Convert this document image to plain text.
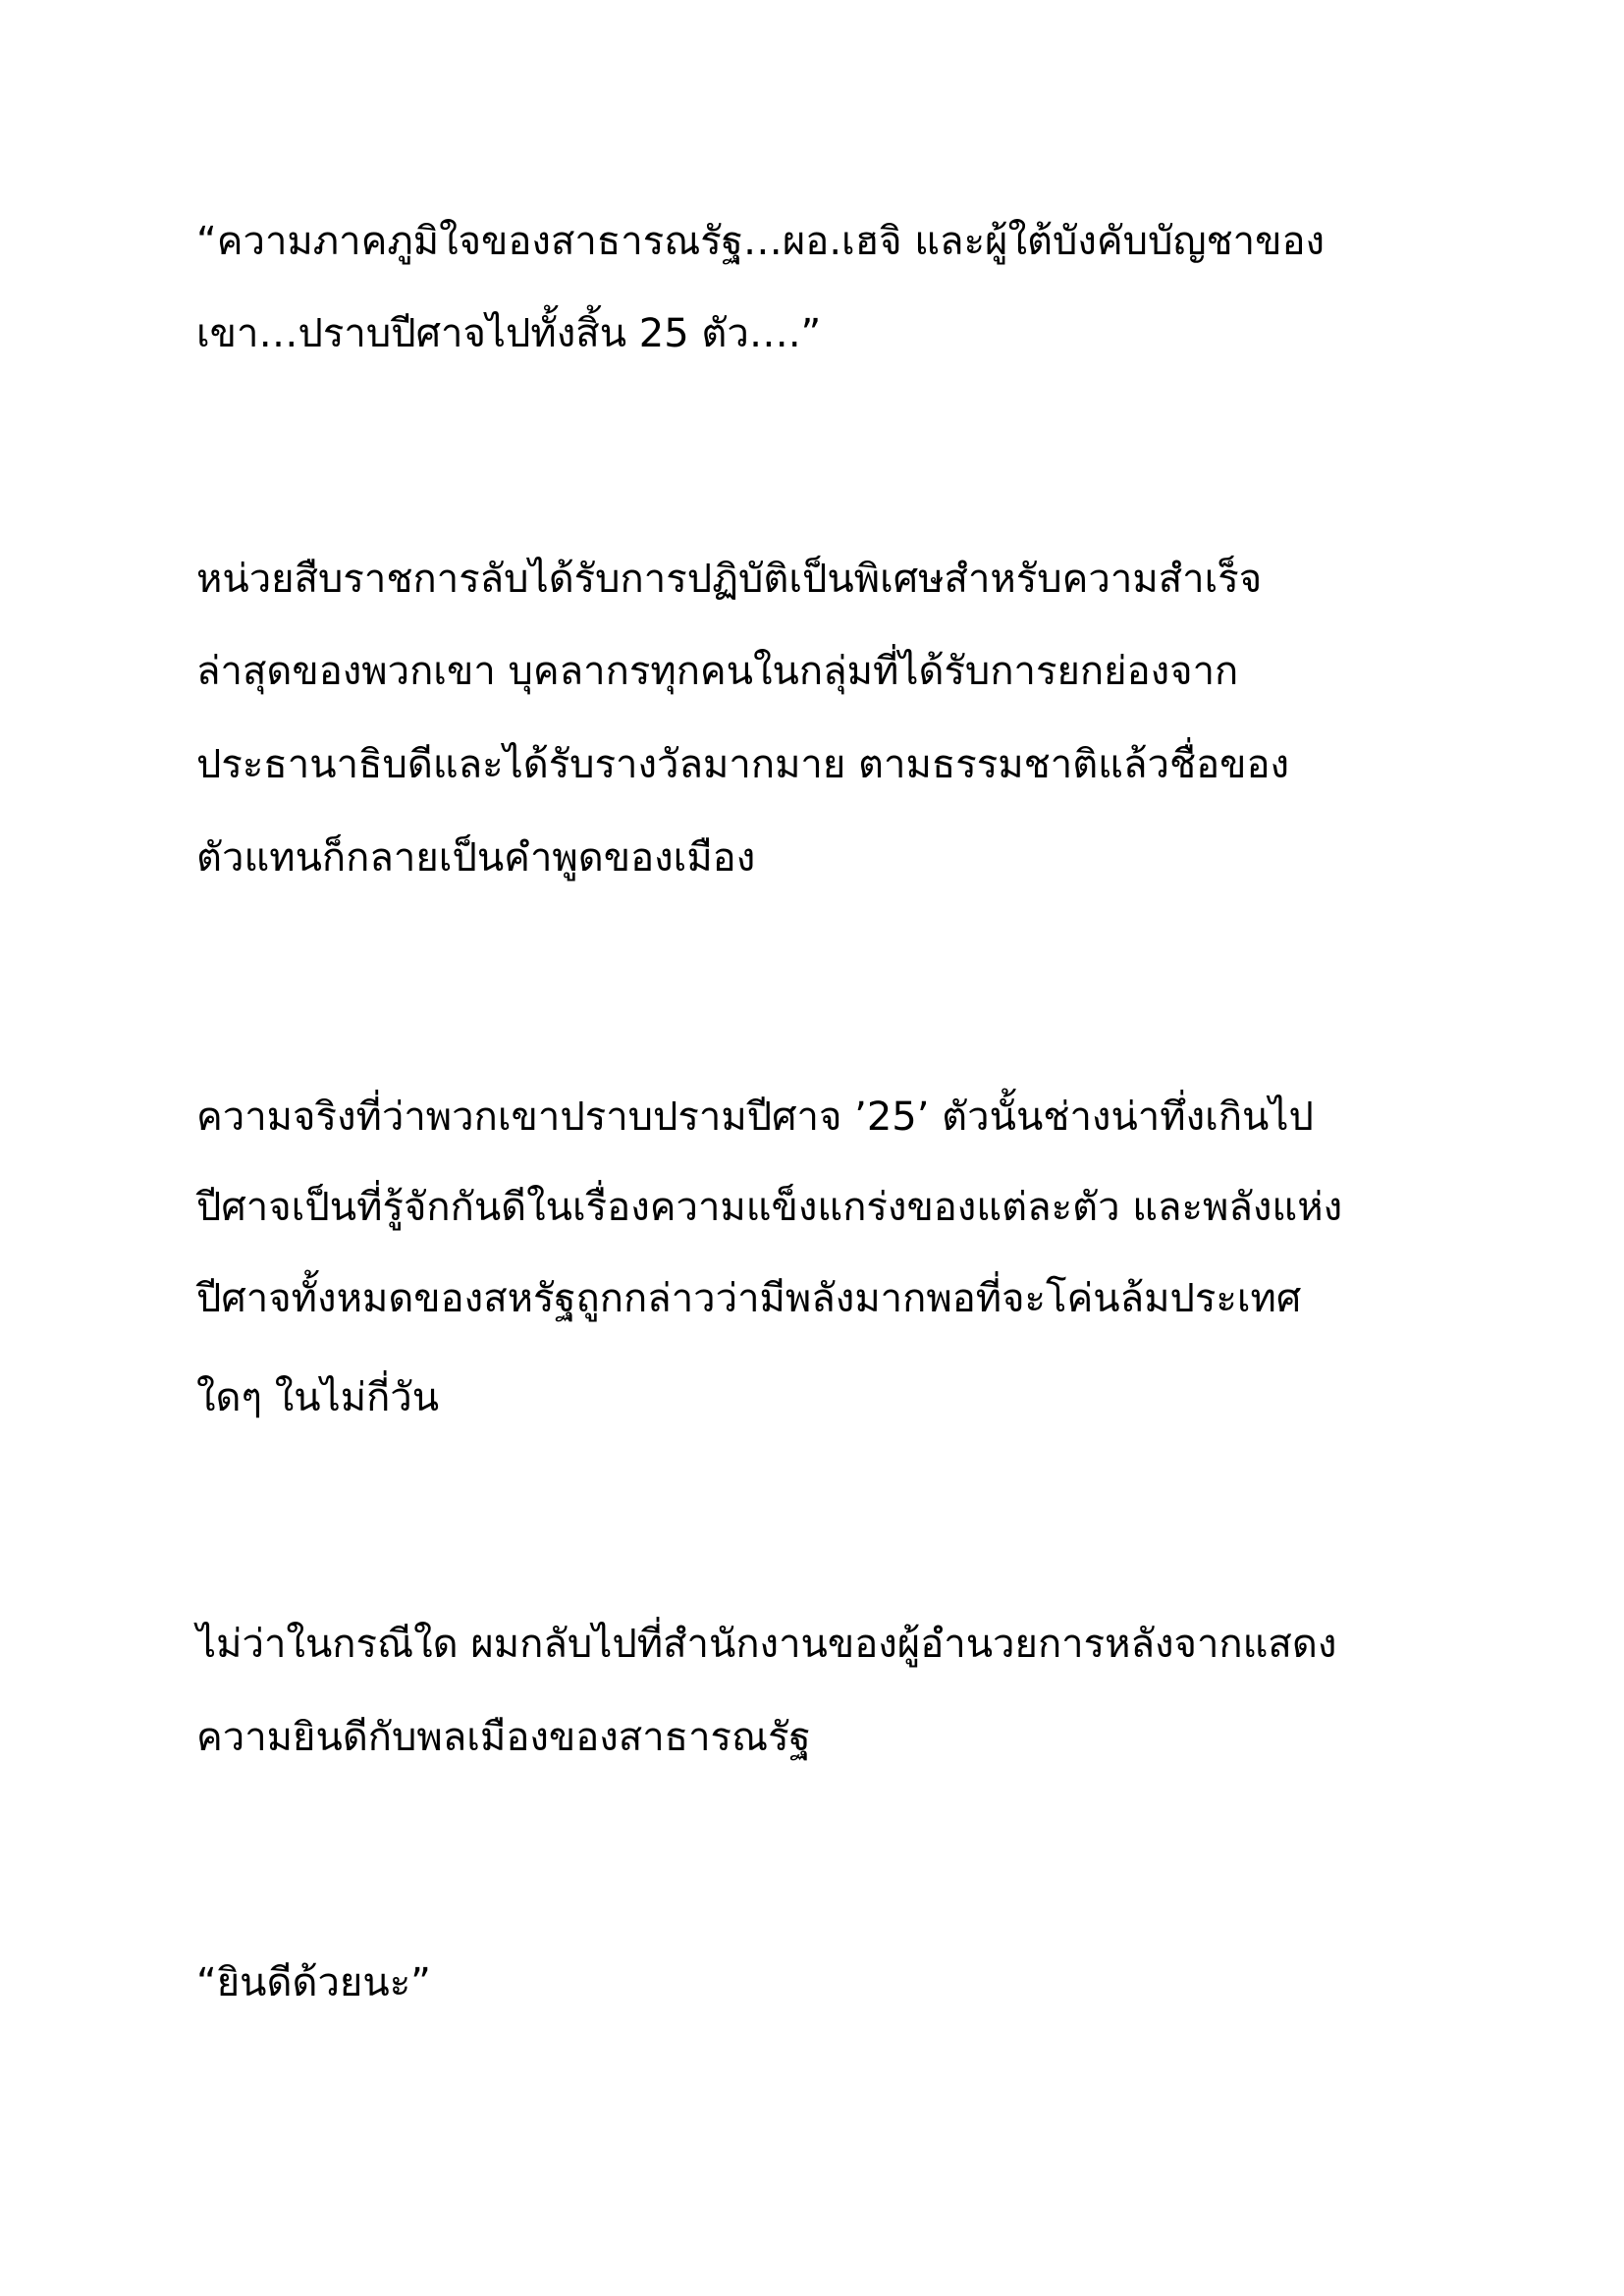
“ความภาคภูมิใจของสาธารณรัฐ…ผอ.เฮจิ และผู้ใต้บังคับบัญชาของ
เขา…ปราบปีศาจไปทั้งสิ้น 25 ตัว….”
หน่วยสืบราชการลับได้รับการปฏิบัติเป็นพิเศษสำหรับความสำเร็จ
ล่าสุดของพวกเขา บุคลากรทุกคนในกลุ่มที่ได้รับการยกย่องจาก
ประธานาธิบดีและได้รับรางวัลมากมาย ตามธรรมชาติแล้วชื่อของ
ตัวแทนก็กลายเป็นคำพูดของเมือง
ความจริงที่ว่าพวกเขาปราบปรามปีศาจ ’25’ ตัวนั้นช่างน่าทึ่งเกินไป
ปีศาจเป็นที่รู้จักกันดีในเรื่องความแข็งแกร่งของแต่ละตัว และพลังแห่ง
ปีศาจทั้งหมดของสหรัฐถูกกล่าวว่ามีพลังมากพอที่จะโค่นล้มประเทศ
ใดๆ ในไม่กี่วัน
ไม่ว่าในกรณีใด ผมกลับไปที่สำนักงานของผู้อำนวยการหลังจากแสดง
ความยินดีกับพลเมืองของสาธารณรัฐ
“ยินดีด้วยนะ”
